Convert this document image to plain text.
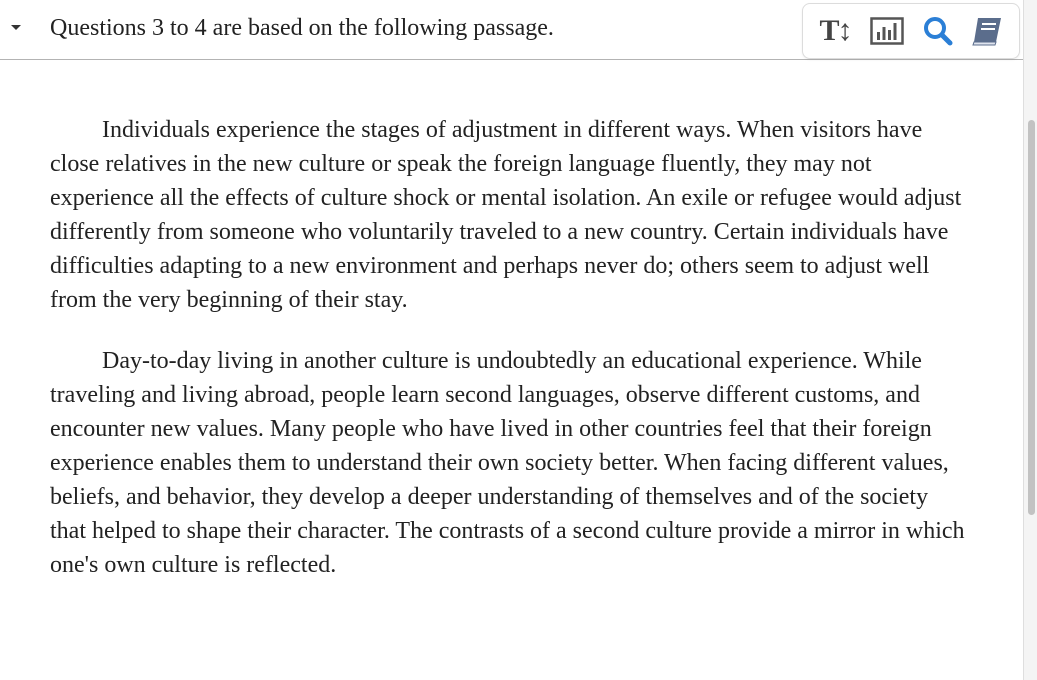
Questions 3 to 4 are based on the following passage.	T↕

Individuals experience the stages of adjustment in different ways. When visitors have close relatives in the new culture or speak the foreign language fluently, they may not experience all the effects of culture shock or mental isolation. An exile or refugee would adjust differently from someone who voluntarily traveled to a new country. Certain individuals have difficulties adapting to a new environment and perhaps never do; others seem to adjust well from the very beginning of their stay.

Day-to-day living in another culture is undoubtedly an educational experience. While traveling and living abroad, people learn second languages, observe different customs, and encounter new values. Many people who have lived in other countries feel that their foreign experience enables them to understand their own society better. When facing different values, beliefs, and behavior, they develop a deeper understanding of themselves and of the society that helped to shape their character. The contrasts of a second culture provide a mirror in which one's own culture is reflected.
